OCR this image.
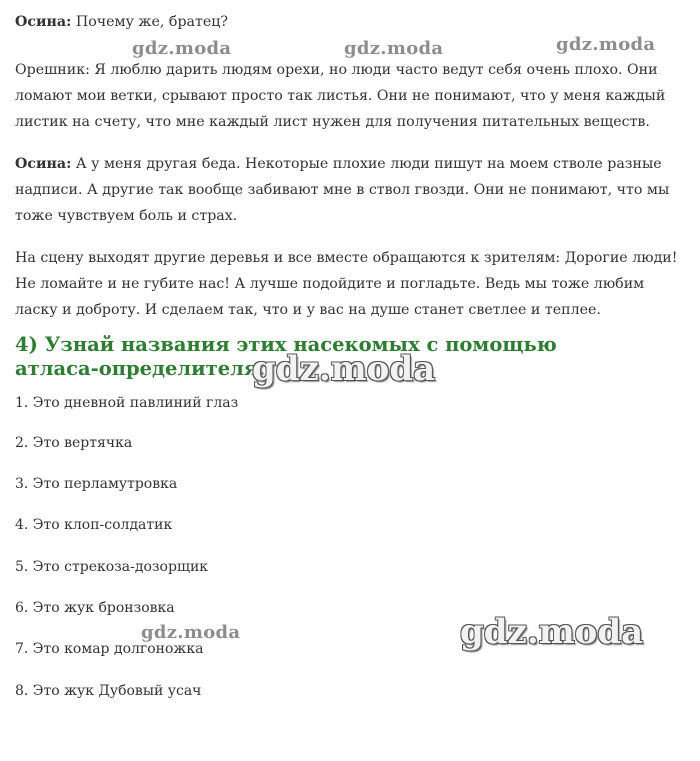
Осина: Почему же, братец?

Орешник: Я люблю дарить людям орехи, но люди часто ведут себя очень плохо. Они ломают мои ветки, срывают просто так листья. Они не понимают, что у меня каждый листик на счету, что мне каждый лист нужен для получения питательных веществ.

Осина: А у меня другая беда. Некоторые плохие люди пишут на моем стволе разные надписи. А другие так вообще забивают мне в ствол гвозди. Они не понимают, что мы тоже чувствуем боль и страх.

На сцену выходят другие деревья и все вместе обращаются к зрителям: Дорогие люди! Не ломайте и не губите нас! А лучше подойдите и погладьте. Ведь мы тоже любим ласку и доброту. И сделаем так, что и у вас на душе станет светлее и теплее.

4) Узнай названия этих насекомых с помощью атласа-определителя.
1. Это дневной павлиний глаз
2. Это вертячка
3. Это перламутровка
4. Это клоп-солдатик
5. Это стрекоза-дозорщик
6. Это жук бронзовка
7. Это комар долгоножка
8. Это жук Дубовый усач
gdz.moda	gdz.moda	gdz.moda
gdz.moda
gdz.moda	gdz.moda
